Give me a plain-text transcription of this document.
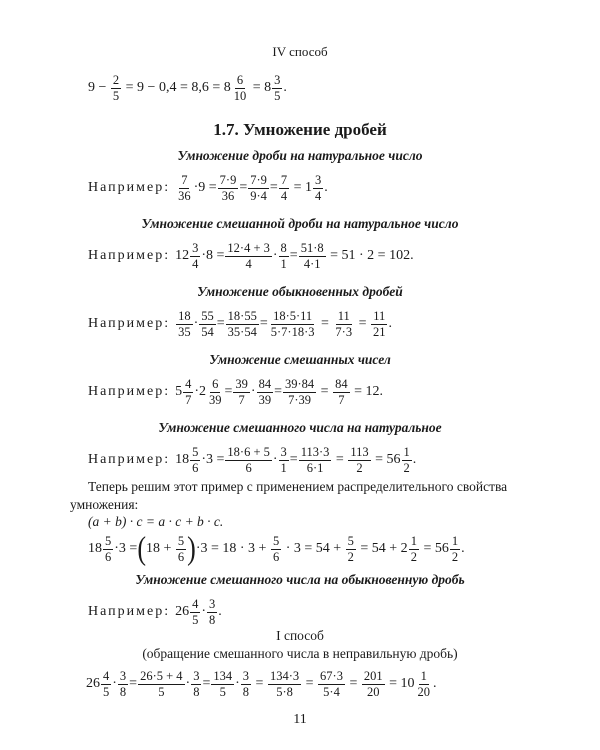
IV способ
$9 - \frac{2}{5} = 9 - 0,4 = 8,6 = 8 \frac{6}{10} = 8 \frac{3}{5}$ .
1.7. Умножение дробей
Умножение дроби на натуральное число
Например: $\frac{7}{36} \cdot 9 = \frac{7\cdot 9}{36} = \frac{7\cdot 9}{9\cdot 4} = \frac{7}{4} = 1 \frac{3}{4}$ .
Умножение смешанной дроби на натуральное число
Например: $12 \frac{3}{4} \cdot 8 = \frac{12\cdot 4 + 3}{4} \cdot \frac{8}{1} = \frac{51\cdot 8}{4\cdot 1} = 51 \cdot 2 = 102$.
Умножение обыкновенных дробей
Например: $\frac{18}{35} \cdot \frac{55}{54} = \frac{18\cdot 55}{35\cdot 54} = \frac{18\cdot 5\cdot 11}{5\cdot 7\cdot 18\cdot 3} = \frac{11}{7\cdot 3} = \frac{11}{21}$ .
Умножение смешанных чисел
Например: $5 \frac{4}{7} \cdot 2 \frac{6}{39} = \frac{39}{7} \cdot \frac{84}{39} = \frac{39\cdot 84}{7\cdot 39} = \frac{84}{7} = 12$.
Умножение смешанного числа на натуральное
Например: $18 \frac{5}{6} \cdot 3 = \frac{18\cdot 6 + 5}{6} \cdot \frac{3}{1} = \frac{113\cdot 3}{6\cdot 1} = \frac{113}{2} = 56 \frac{1}{2}$ .
Теперь решим этот пример с применением распределительного свойства умножения:
(a + b) · c = a · c + b · c.
$18 \frac{5}{6} \cdot 3$ = ( $18 + \frac{5}{6}$ ) $\cdot 3 = 18 \cdot 3 + \frac{5}{6} \cdot 3 = 54 + \frac{5}{2} = 54 + 2 \frac{1}{2} = 56 \frac{1}{2}$ .
Умножение смешанного числа на обыкновенную дробь
Например: $26 \frac{4}{5} \cdot \frac{3}{8}$ .
I способ
(обращение смешанного числа в неправильную дробь)
$26 \frac{4}{5} \cdot \frac{3}{8} = \frac{26\cdot 5 + 4}{5} \cdot \frac{3}{8} = \frac{134}{5} \cdot \frac{3}{8} = \frac{134\cdot 3}{5\cdot 8} = \frac{67\cdot 3}{5\cdot 4} = \frac{201}{20} = 10 \frac{1}{20}$ .
11
